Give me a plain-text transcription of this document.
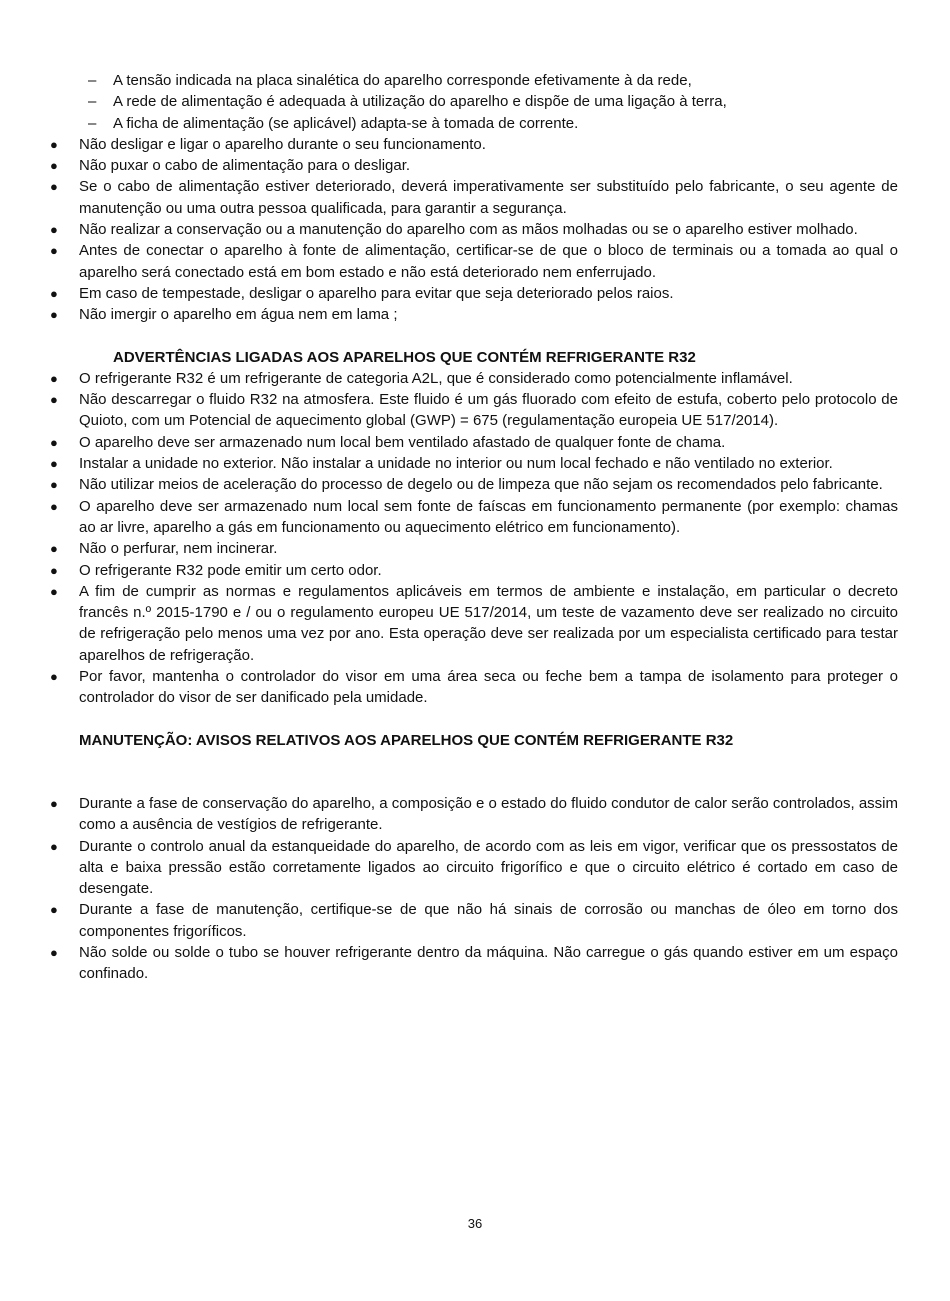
– A tensão indicada na placa sinalética do aparelho corresponde efetivamente à da rede,
– A rede de alimentação é adequada à utilização do aparelho e dispõe de uma ligação à terra,
– A ficha de alimentação (se aplicável) adapta-se à tomada de corrente.
● Não desligar e ligar o aparelho durante o seu funcionamento.
● Não puxar o cabo de alimentação para o desligar.
● Se o cabo de alimentação estiver deteriorado, deverá imperativamente ser substituído pelo fabricante, o seu agente de manutenção ou uma outra pessoa qualificada, para garantir a segurança.
● Não realizar a conservação ou a manutenção do aparelho com as mãos molhadas ou se o aparelho estiver molhado.
● Antes de conectar o aparelho à fonte de alimentação, certificar-se de que o bloco de terminais ou a tomada ao qual o aparelho será conectado está em bom estado e não está deteriorado nem enferrujado.
● Em caso de tempestade, desligar o aparelho para evitar que seja deteriorado pelos raios.
● Não imergir o aparelho em água nem em lama ;

ADVERTÊNCIAS LIGADAS AOS APARELHOS QUE CONTÉM REFRIGERANTE R32

● O refrigerante R32 é um refrigerante de categoria A2L, que é considerado como potencialmente inflamável.
● Não descarregar o fluido R32 na atmosfera. Este fluido é um gás fluorado com efeito de estufa, coberto pelo protocolo de Quioto, com um Potencial de aquecimento global (GWP) = 675 (regulamentação europeia UE 517/2014).
● O aparelho deve ser armazenado num local bem ventilado afastado de qualquer fonte de chama.
● Instalar a unidade no exterior. Não instalar a unidade no interior ou num local fechado e não ventilado no exterior.
● Não utilizar meios de aceleração do processo de degelo ou de limpeza que não sejam os recomendados pelo fabricante.
● O aparelho deve ser armazenado num local sem fonte de faíscas em funcionamento permanente (por exemplo: chamas ao ar livre, aparelho a gás em funcionamento ou aquecimento elétrico em funcionamento).
● Não o perfurar, nem incinerar.
● O refrigerante R32 pode emitir um certo odor.
● A fim de cumprir as normas e regulamentos aplicáveis em termos de ambiente e instalação, em particular o decreto francês n.º 2015-1790 e / ou o regulamento europeu UE 517/2014, um teste de vazamento deve ser realizado no circuito de refrigeração pelo menos uma vez por ano. Esta operação deve ser realizada por um especialista certificado para testar aparelhos de refrigeração.
● Por favor, mantenha o controlador do visor em uma área seca ou feche bem a tampa de isolamento para proteger o controlador do visor de ser danificado pela umidade.

MANUTENÇÃO: AVISOS RELATIVOS AOS APARELHOS QUE CONTÉM REFRIGERANTE R32

● Durante a fase de conservação do aparelho, a composição e o estado do fluido condutor de calor serão controlados, assim como a ausência de vestígios de refrigerante.
● Durante o controlo anual da estanqueidade do aparelho, de acordo com as leis em vigor, verificar que os pressostatos de alta e baixa pressão estão corretamente ligados ao circuito frigorífico e que o circuito elétrico é cortado em caso de desengate.
● Durante a fase de manutenção, certifique-se de que não há sinais de corrosão ou manchas de óleo em torno dos componentes frigoríficos.
● Não solde ou solde o tubo se houver refrigerante dentro da máquina. Não carregue o gás quando estiver em um espaço confinado.
36
